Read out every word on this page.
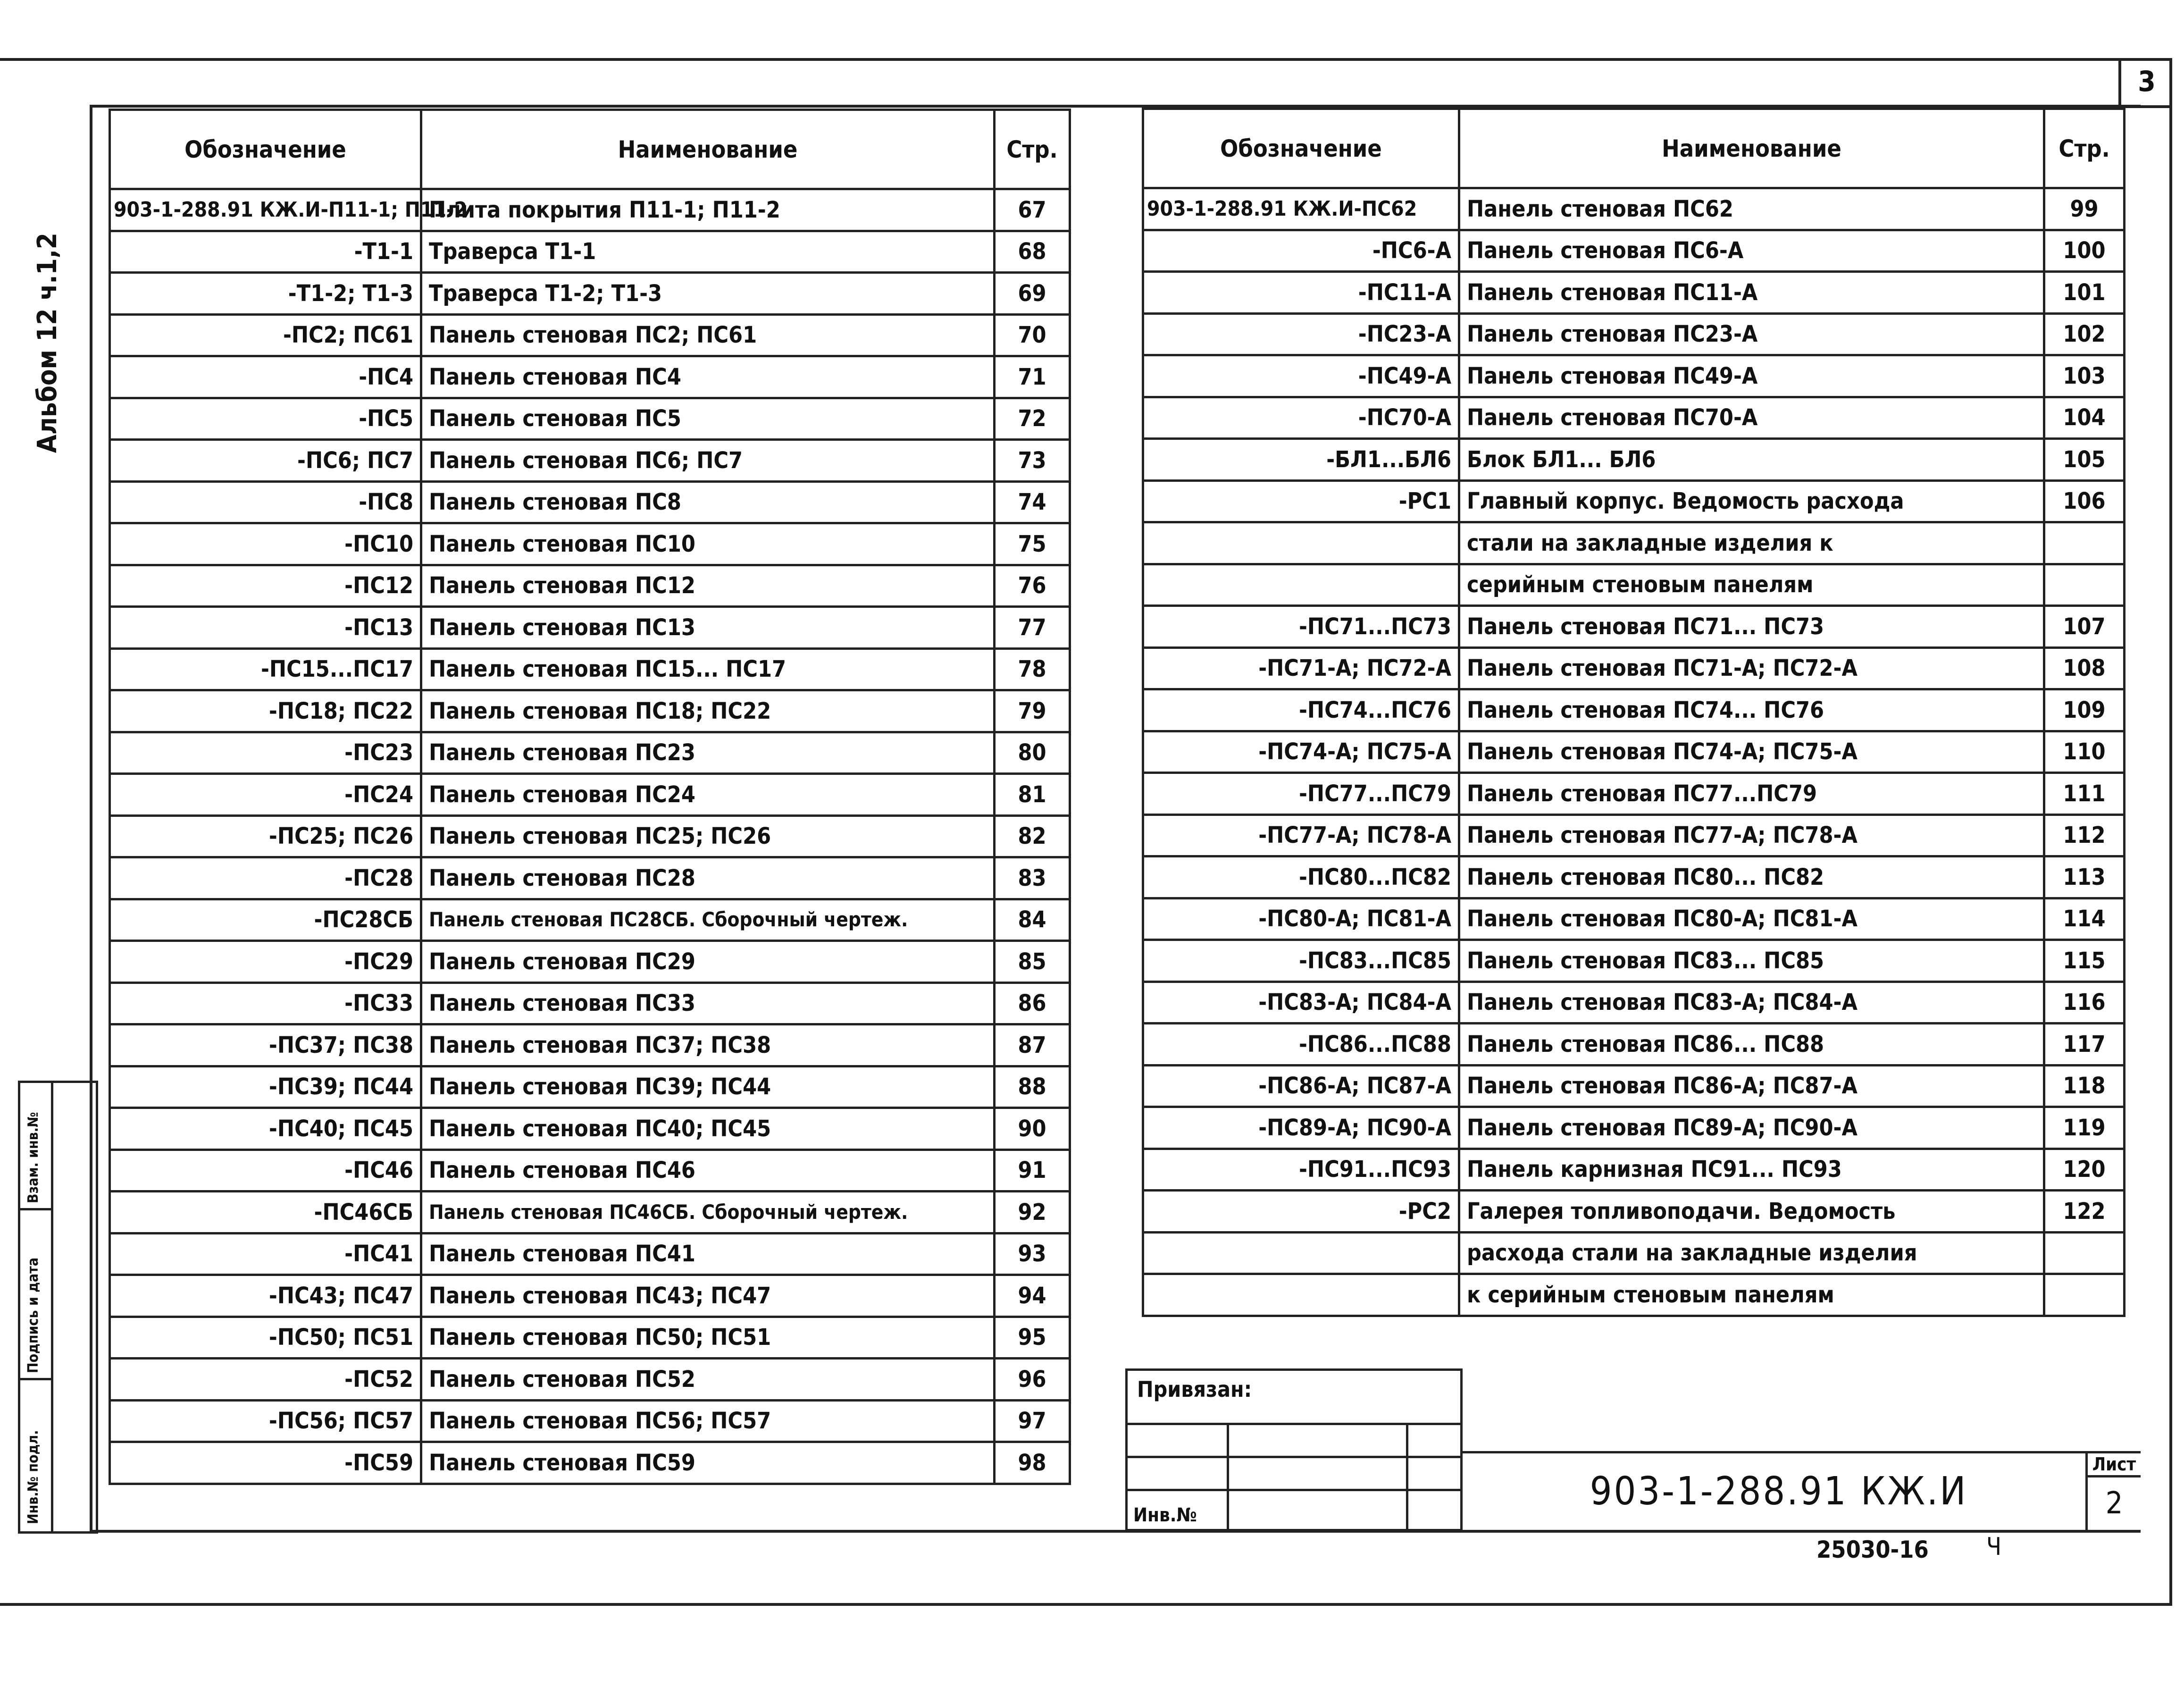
3
Альбом 12 ч.1,2
Взам. инв.№
Подпись и дата
Инв.№ подл.
Обозначение	Наименование	Стр.
903-1-288.91 КЖ.И-П11-1; П11-2	Плита покрытия П11-1; П11-2	67
-Т1-1	Траверса Т1-1	68
-Т1-2; Т1-3	Траверса Т1-2; Т1-3	69
-ПС2; ПС61	Панель стеновая ПС2; ПС61	70
-ПС4	Панель стеновая ПС4	71
-ПС5	Панель стеновая ПС5	72
-ПС6; ПС7	Панель стеновая ПС6; ПС7	73
-ПС8	Панель стеновая ПС8	74
-ПС10	Панель стеновая ПС10	75
-ПС12	Панель стеновая ПС12	76
-ПС13	Панель стеновая ПС13	77
-ПС15...ПС17	Панель стеновая ПС15... ПС17	78
-ПС18; ПС22	Панель стеновая ПС18; ПС22	79
-ПС23	Панель стеновая ПС23	80
-ПС24	Панель стеновая ПС24	81
-ПС25; ПС26	Панель стеновая ПС25; ПС26	82
-ПС28	Панель стеновая ПС28	83
-ПС28СБ	Панель стеновая ПС28СБ. Сборочный чертеж.	84
-ПС29	Панель стеновая ПС29	85
-ПС33	Панель стеновая ПС33	86
-ПС37; ПС38	Панель стеновая ПС37; ПС38	87
-ПС39; ПС44	Панель стеновая ПС39; ПС44	88
-ПС40; ПС45	Панель стеновая ПС40; ПС45	90
-ПС46	Панель стеновая ПС46	91
-ПС46СБ	Панель стеновая ПС46СБ. Сборочный чертеж.	92
-ПС41	Панель стеновая ПС41	93
-ПС43; ПС47	Панель стеновая ПС43; ПС47	94
-ПС50; ПС51	Панель стеновая ПС50; ПС51	95
-ПС52	Панель стеновая ПС52	96
-ПС56; ПС57	Панель стеновая ПС56; ПС57	97
-ПС59	Панель стеновая ПС59	98
Обозначение	Наименование	Стр.
903-1-288.91 КЖ.И-ПС62	Панель стеновая ПС62	99
-ПС6-А	Панель стеновая ПС6-А	100
-ПС11-А	Панель стеновая ПС11-А	101
-ПС23-А	Панель стеновая ПС23-А	102
-ПС49-А	Панель стеновая ПС49-А	103
-ПС70-А	Панель стеновая ПС70-А	104
-БЛ1...БЛ6	Блок БЛ1... БЛ6	105
-РС1	Главный корпус. Ведомость расхода	106
	стали на закладные изделия к	
	серийным стеновым панелям	
-ПС71...ПС73	Панель стеновая ПС71... ПС73	107
-ПС71-А; ПС72-А	Панель стеновая ПС71-А; ПС72-А	108
-ПС74...ПС76	Панель стеновая ПС74... ПС76	109
-ПС74-А; ПС75-А	Панель стеновая ПС74-А; ПС75-А	110
-ПС77...ПС79	Панель стеновая ПС77...ПС79	111
-ПС77-А; ПС78-А	Панель стеновая ПС77-А; ПС78-А	112
-ПС80...ПС82	Панель стеновая ПС80... ПС82	113
-ПС80-А; ПС81-А	Панель стеновая ПС80-А; ПС81-А	114
-ПС83...ПС85	Панель стеновая ПС83... ПС85	115
-ПС83-А; ПС84-А	Панель стеновая ПС83-А; ПС84-А	116
-ПС86...ПС88	Панель стеновая ПС86... ПС88	117
-ПС86-А; ПС87-А	Панель стеновая ПС86-А; ПС87-А	118
-ПС89-А; ПС90-А	Панель стеновая ПС89-А; ПС90-А	119
-ПС91...ПС93	Панель карнизная ПС91... ПС93	120
-РС2	Галерея топливоподачи. Ведомость	122
	расхода стали на закладные изделия	
	к серийным стеновым панелям	
Привязан:
Инв.№
903-1-288.91 КЖ.И
Лист
2
25030-16 Ч
